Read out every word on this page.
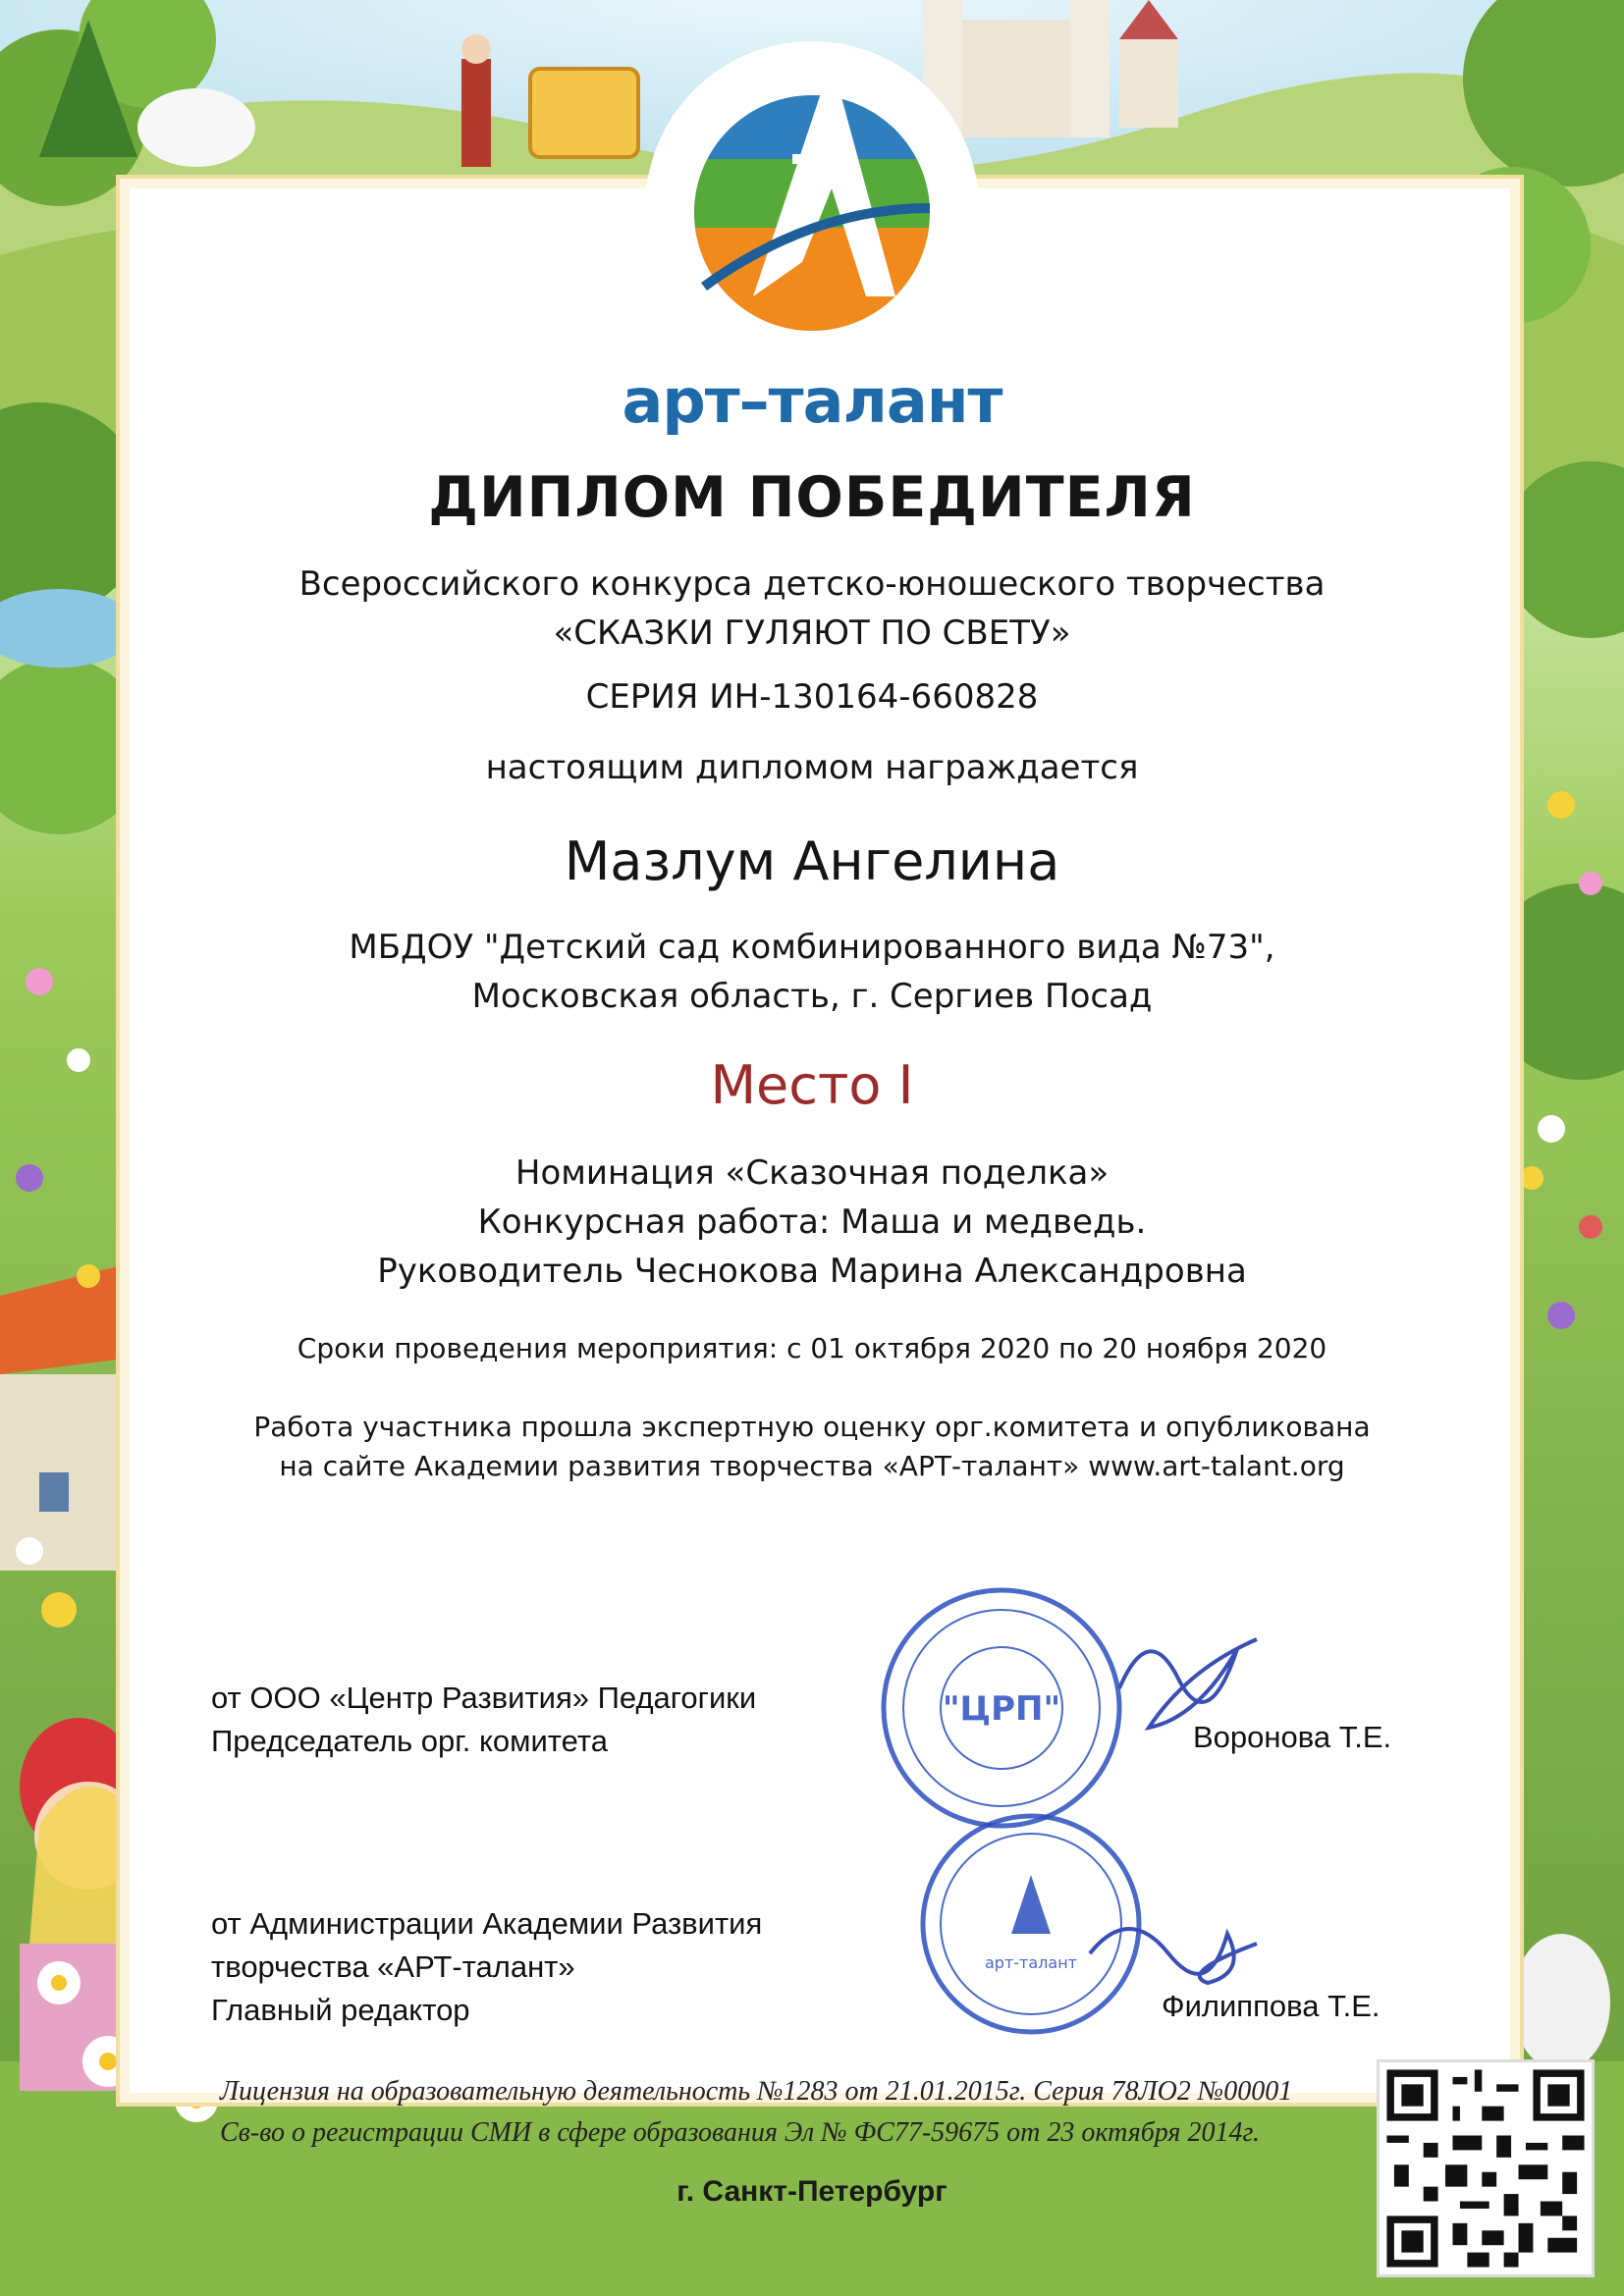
арт–талант
ДИПЛОМ ПОБЕДИТЕЛЯ
Всероссийского конкурса детско-юношеского творчества
«СКАЗКИ ГУЛЯЮТ ПО СВЕТУ»
СЕРИЯ ИН-130164-660828
настоящим дипломом награждается
Мазлум Ангелина
МБДОУ "Детский сад комбинированного вида №73",
Московская область, г. Сергиев Посад
Место I
Номинация «Сказочная поделка»
Конкурсная работа: Маша и медведь.
Руководитель Чеснокова Марина Александровна
Сроки проведения мероприятия: с 01 октября 2020 по 20 ноября 2020
Работа участника прошла экспертную оценку орг.комитета и опубликована
на сайте Академии развития творчества «АРТ-талант» www.art-talant.org
от ООО «Центр Развития» Педагогики
Председатель орг. комитета	Воронова Т.Е.
от Администрации Академии Развития
творчества «АРТ-талант»
Главный редактор	Филиппова Т.Е.
"ЦРП"
арт-талант
Лицензия на образовательную деятельность №1283 от 21.01.2015г. Серия 78ЛО2 №00001
Св-во о регистрации СМИ в сфере образования Эл № ФС77-59675 от 23 октября 2014г.
г. Санкт-Петербург
